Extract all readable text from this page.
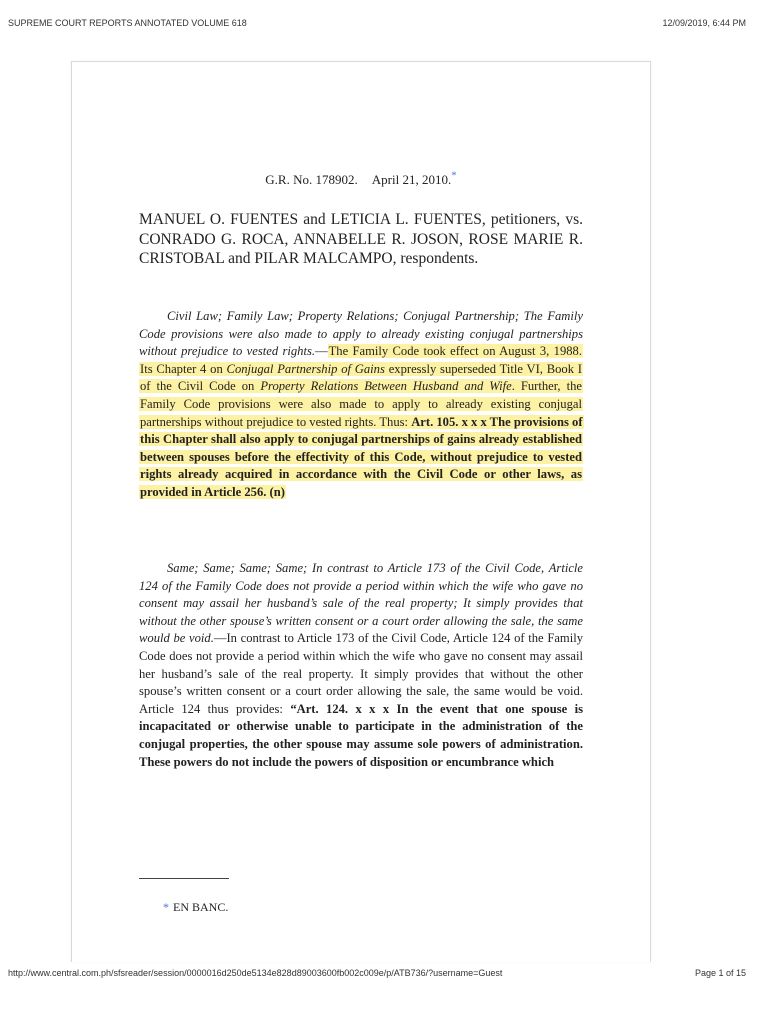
SUPREME COURT REPORTS ANNOTATED VOLUME 618	12/09/2019, 6:44 PM
G.R. No. 178902. April 21, 2010.*
MANUEL O. FUENTES and LETICIA L. FUENTES, petitioners, vs. CONRADO G. ROCA, ANNABELLE R. JOSON, ROSE MARIE R. CRISTOBAL and PILAR MALCAMPO, respondents.

Civil Law; Family Law; Property Relations; Conjugal Partnership; The Family Code provisions were also made to apply to already existing conjugal partnerships without prejudice to vested rights.—The Family Code took effect on August 3, 1988. Its Chapter 4 on Conjugal Partnership of Gains expressly superseded Title VI, Book I of the Civil Code on Property Relations Between Husband and Wife. Further, the Family Code provisions were also made to apply to already existing conjugal partnerships without prejudice to vested rights. Thus: Art. 105. x x x The provisions of this Chapter shall also apply to conjugal partnerships of gains already established between spouses before the effectivity of this Code, without prejudice to vested rights already acquired in accordance with the Civil Code or other laws, as provided in Article 256. (n)

Same; Same; Same; Same; In contrast to Article 173 of the Civil Code, Article 124 of the Family Code does not provide a period within which the wife who gave no consent may assail her husband’s sale of the real property; It simply provides that without the other spouse’s written consent or a court order allowing the sale, the same would be void.—In contrast to Article 173 of the Civil Code, Article 124 of the Family Code does not provide a period within which the wife who gave no consent may assail her husband’s sale of the real property. It simply provides that without the other spouse’s written consent or a court order allowing the sale, the same would be void. Article 124 thus provides: “Art. 124. x x x In the event that one spouse is incapacitated or otherwise unable to participate in the administration of the conjugal properties, the other spouse may assume sole powers of administration. These powers do not include the powers of disposition or encumbrance which

* EN BANC.
http://www.central.com.ph/sfsreader/session/0000016d250de5134e828d89003600fb002c009e/p/ATB736/?username=Guest	Page 1 of 15
